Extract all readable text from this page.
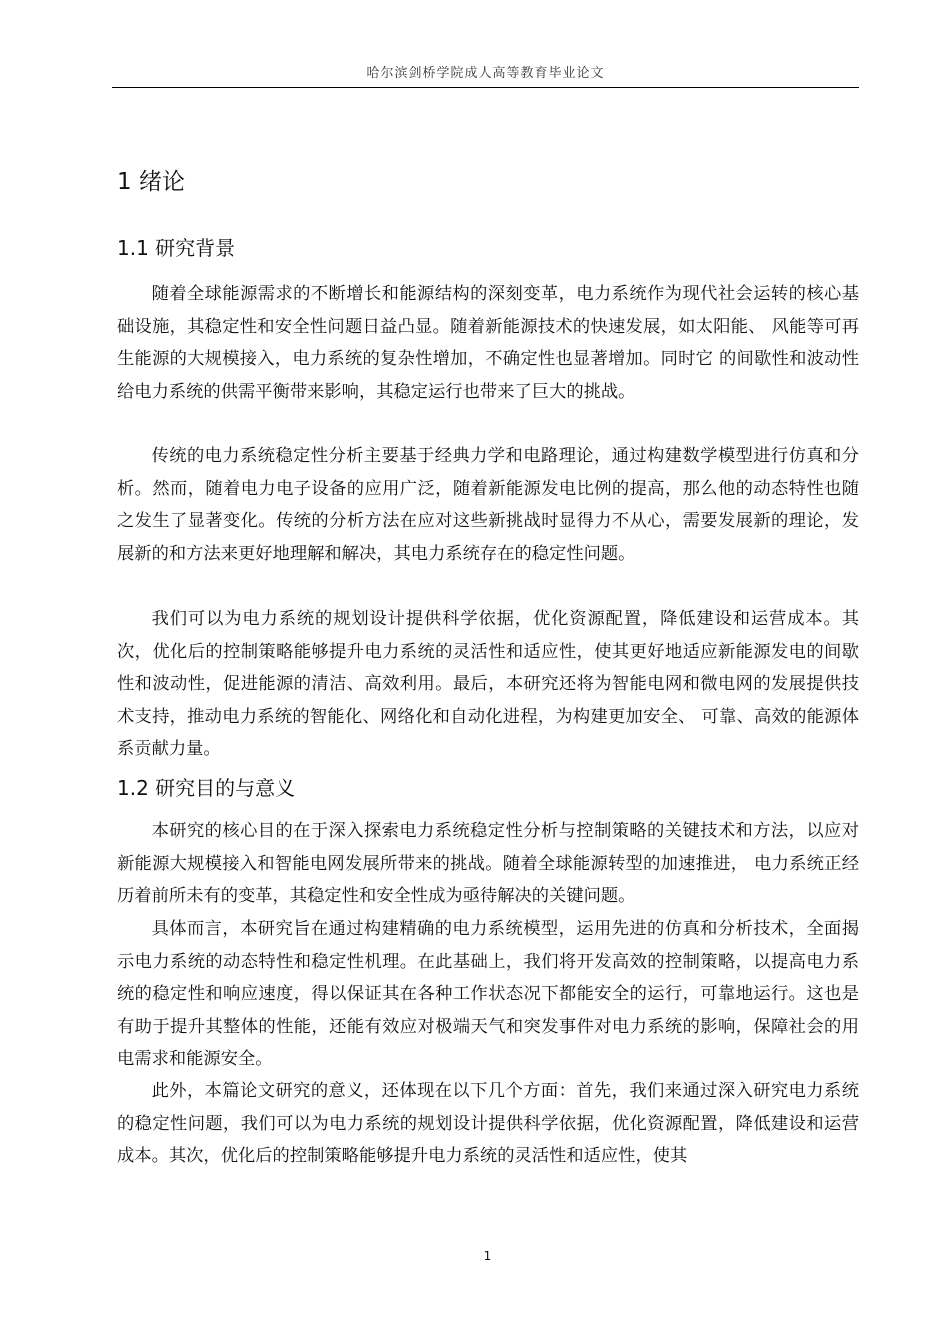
哈尔滨剑桥学院成人高等教育毕业论文
1 绪论
1.1 研究背景

随着全球能源需求的不断增长和能源结构的深刻变革，电力系统作为现代社会运转的核心基础设施，其稳定性和安全性问题日益凸显。随着新能源技术的快速发展，如太阳能、 风能等可再生能源的大规模接入，电力系统的复杂性增加，不确定性也显著增加。同时它 的间歇性和波动性给电力系统的供需平衡带来影响，其稳定运行也带来了巨大的挑战。

传统的电力系统稳定性分析主要基于经典力学和电路理论，通过构建数学模型进行仿真和分析。然而，随着电力电子设备的应用广泛，随着新能源发电比例的提高，那么他的动态特性也随之发生了显著变化。传统的分析方法在应对这些新挑战时显得力不从心，需要发展新的理论，发展新的和方法来更好地理解和解决，其电力系统存在的稳定性问题。

我们可以为电力系统的规划设计提供科学依据，优化资源配置，降低建设和运营成本。其次，优化后的控制策略能够提升电力系统的灵活性和适应性，使其更好地适应新能源发电的间歇性和波动性，促进能源的清洁、高效利用。最后，本研究还将为智能电网和微电网的发展提供技术支持，推动电力系统的智能化、网络化和自动化进程，为构建更加安全、 可靠、高效的能源体系贡献力量。

1.2 研究目的与意义

本研究的核心目的在于深入探索电力系统稳定性分析与控制策略的关键技术和方法，以应对新能源大规模接入和智能电网发展所带来的挑战。随着全球能源转型的加速推进， 电力系统正经历着前所未有的变革，其稳定性和安全性成为亟待解决的关键问题。

具体而言，本研究旨在通过构建精确的电力系统模型，运用先进的仿真和分析技术，全面揭示电力系统的动态特性和稳定性机理。在此基础上，我们将开发高效的控制策略，以提高电力系统的稳定性和响应速度，得以保证其在各种工作状态况下都能安全的运行，可靠地运行。这也是有助于提升其整体的性能，还能有效应对极端天气和突发事件对电力系统的影响，保障社会的用电需求和能源安全。

此外，本篇论文研究的意义，还体现在以下几个方面：首先，我们来通过深入研究电力系统的稳定性问题，我们可以为电力系统的规划设计提供科学依据，优化资源配置，降低建设和运营成本。其次，优化后的控制策略能够提升电力系统的灵活性和适应性，使其

1
